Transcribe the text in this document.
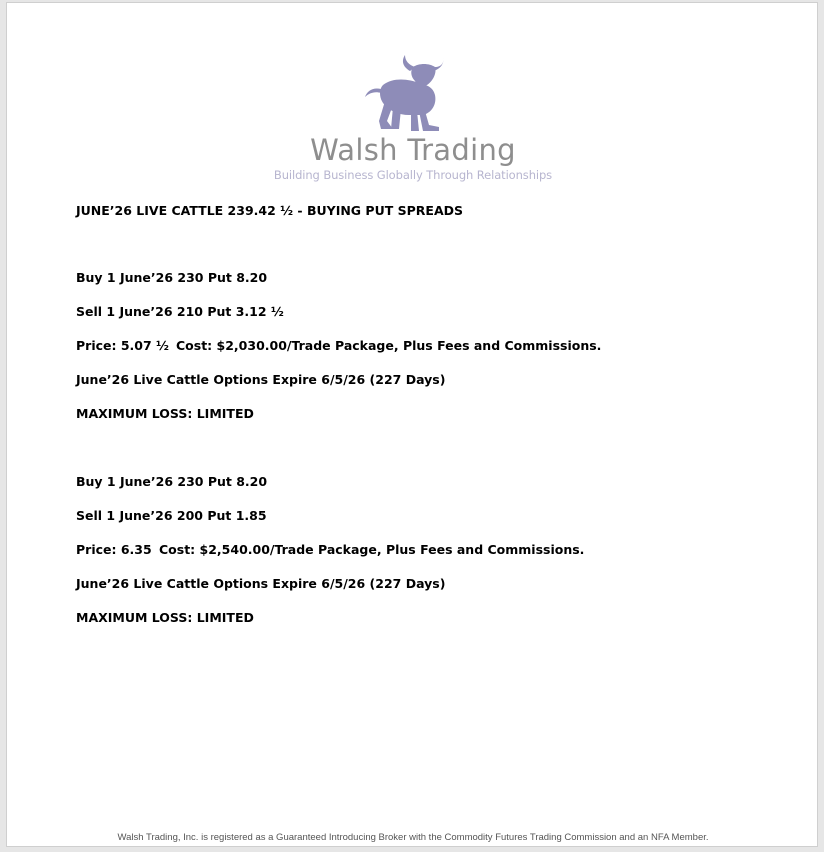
Walsh Trading
Building Business Globally Through Relationships
JUNE’26 LIVE CATTLE 239.42 ½ - BUYING PUT SPREADS
Buy 1 June’26 230 Put 8.20
Sell 1 June’26 210 Put 3.12 ½
Price: 5.07 ½ Cost: $2,030.00/Trade Package, Plus Fees and Commissions.
June’26 Live Cattle Options Expire 6/5/26 (227 Days)
MAXIMUM LOSS: LIMITED
Buy 1 June’26 230 Put 8.20
Sell 1 June’26 200 Put 1.85
Price: 6.35 Cost: $2,540.00/Trade Package, Plus Fees and Commissions.
June’26 Live Cattle Options Expire 6/5/26 (227 Days)
MAXIMUM LOSS: LIMITED
Walsh Trading, Inc. is registered as a Guaranteed Introducing Broker with the Commodity Futures Trading Commission and an NFA Member.
